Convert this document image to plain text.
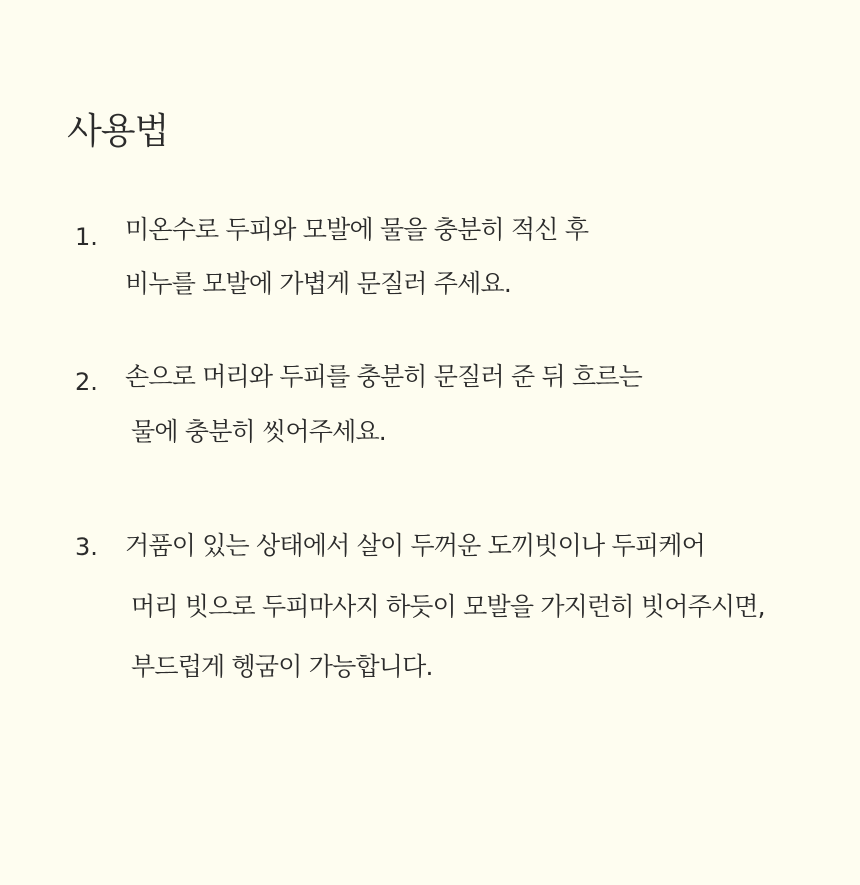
사용법
1. 미온수로 두피와 모발에 물을 충분히 적신 후
비누를 모발에 가볍게 문질러 주세요.
2. 손으로 머리와 두피를 충분히 문질러 준 뒤 흐르는
물에 충분히 씻어주세요.
3. 거품이 있는 상태에서 살이 두꺼운 도끼빗이나 두피케어
머리 빗으로 두피마사지 하듯이 모발을 가지런히 빗어주시면,
부드럽게 헹굼이 가능합니다.
